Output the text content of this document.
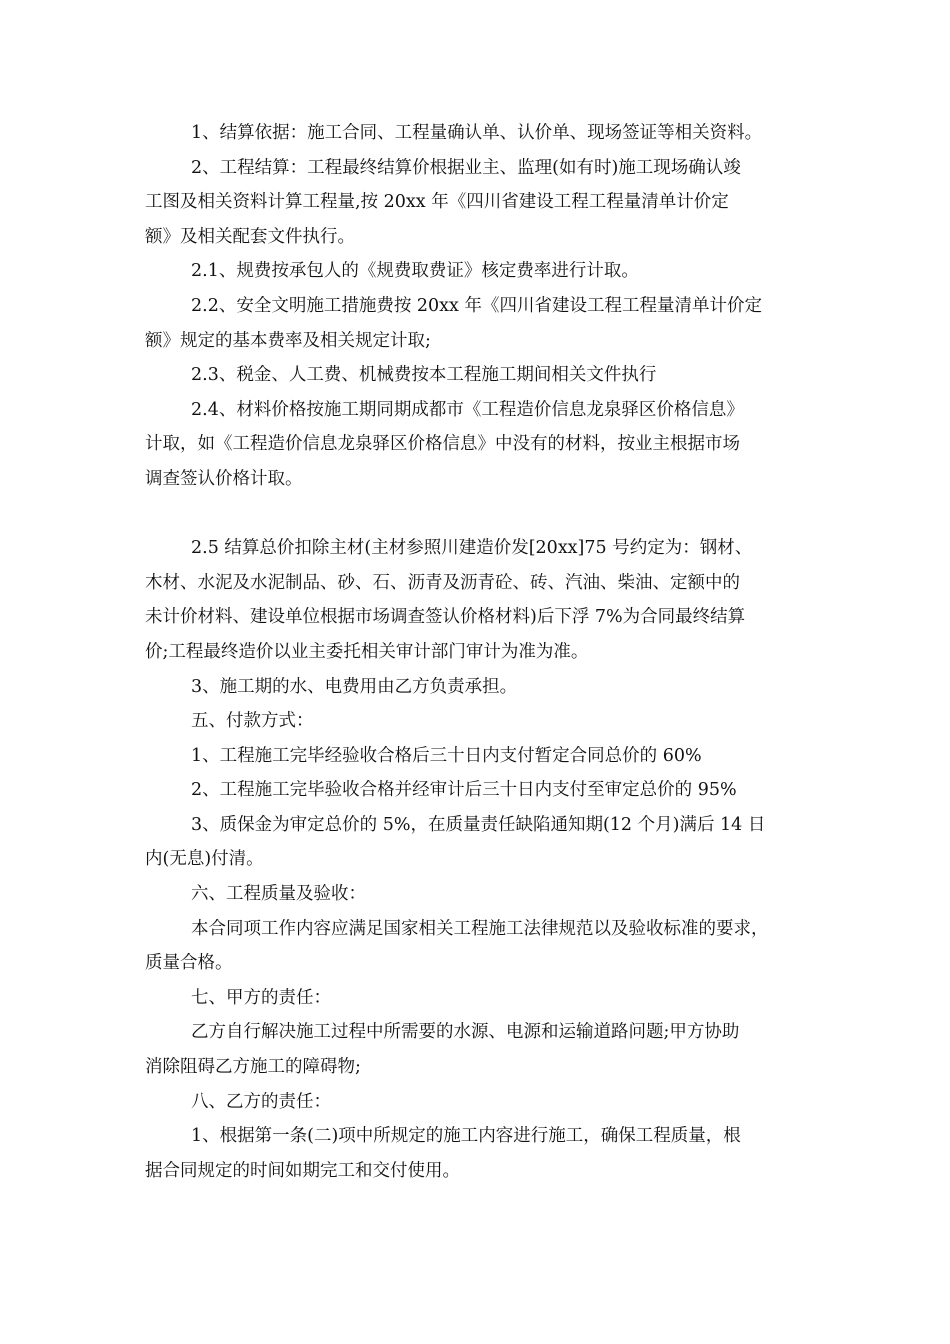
1、结算依据：施工合同、工程量确认单、认价单、现场签证等相关资料。

2、工程结算：工程最终结算价根据业主、监理(如有时)施工现场确认竣
工图及相关资料计算工程量,按 20xx 年《四川省建设工程工程量清单计价定
额》及相关配套文件执行。

2.1、规费按承包人的《规费取费证》核定费率进行计取。

2.2、安全文明施工措施费按 20xx 年《四川省建设工程工程量清单计价定
额》规定的基本费率及相关规定计取;

2.3、税金、人工费、机械费按本工程施工期间相关文件执行

2.4、材料价格按施工期同期成都市《工程造价信息龙泉驿区价格信息》
计取，如《工程造价信息龙泉驿区价格信息》中没有的材料，按业主根据市场
调查签认价格计取。

2.5 结算总价扣除主材(主材参照川建造价发[20xx]75 号约定为：钢材、
木材、水泥及水泥制品、砂、石、沥青及沥青砼、砖、汽油、柴油、定额中的
未计价材料、建设单位根据市场调查签认价格材料)后下浮 7%为合同最终结算
价;工程最终造价以业主委托相关审计部门审计为准为准。

3、施工期的水、电费用由乙方负责承担。

五、付款方式：

1、工程施工完毕经验收合格后三十日内支付暂定合同总价的 60%

2、工程施工完毕验收合格并经审计后三十日内支付至审定总价的 95%

3、质保金为审定总价的 5%，在质量责任缺陷通知期(12 个月)满后 14 日
内(无息)付清。

六、工程质量及验收：

本合同项工作内容应满足国家相关工程施工法律规范以及验收标准的要求，
质量合格。

七、甲方的责任：

乙方自行解决施工过程中所需要的水源、电源和运输道路问题;甲方协助
消除阻碍乙方施工的障碍物;

八、乙方的责任：

1、根据第一条(二)项中所规定的施工内容进行施工，确保工程质量，根
据合同规定的时间如期完工和交付使用。
